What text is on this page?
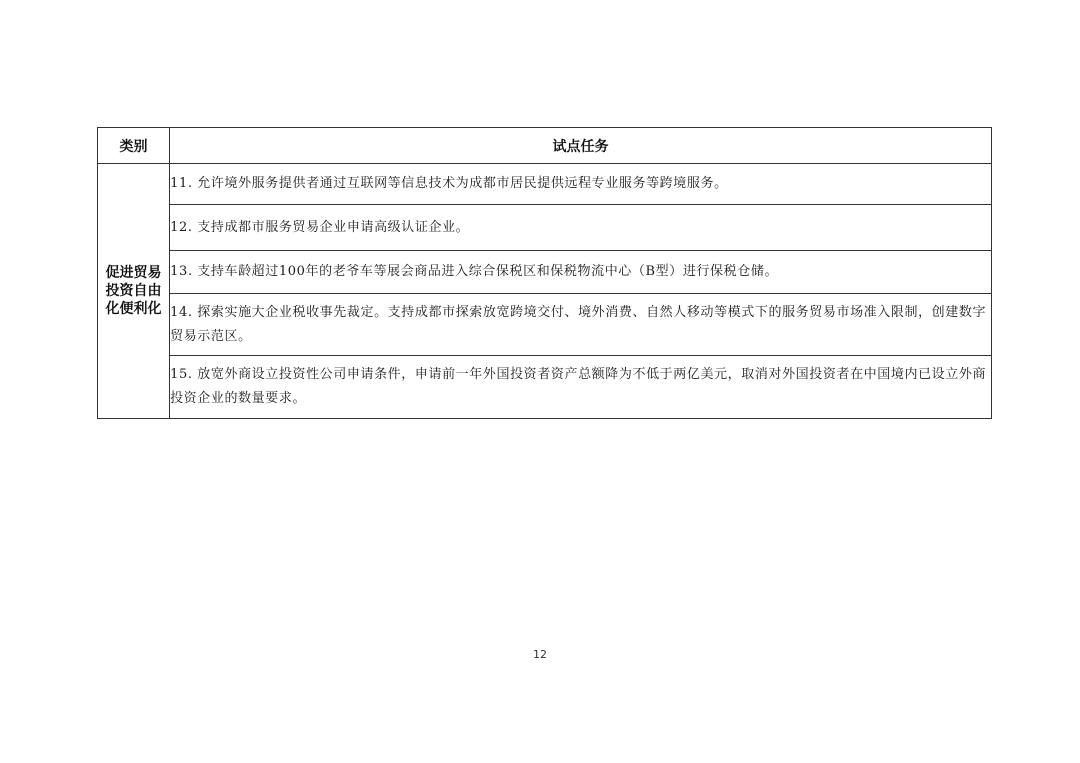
类别	试点任务
促进贸易投资自由化便利化	11. 允许境外服务提供者通过互联网等信息技术为成都市居民提供远程专业服务等跨境服务。
	12. 支持成都市服务贸易企业申请高级认证企业。
	13. 支持车龄超过100年的老爷车等展会商品进入综合保税区和保税物流中心（B型）进行保税仓储。
	14. 探索实施大企业税收事先裁定。支持成都市探索放宽跨境交付、境外消费、自然人移动等模式下的服务贸易市场准入限制，创建数字贸易示范区。
	15. 放宽外商设立投资性公司申请条件，申请前一年外国投资者资产总额降为不低于两亿美元，取消对外国投资者在中国境内已设立外商投资企业的数量要求。
12
